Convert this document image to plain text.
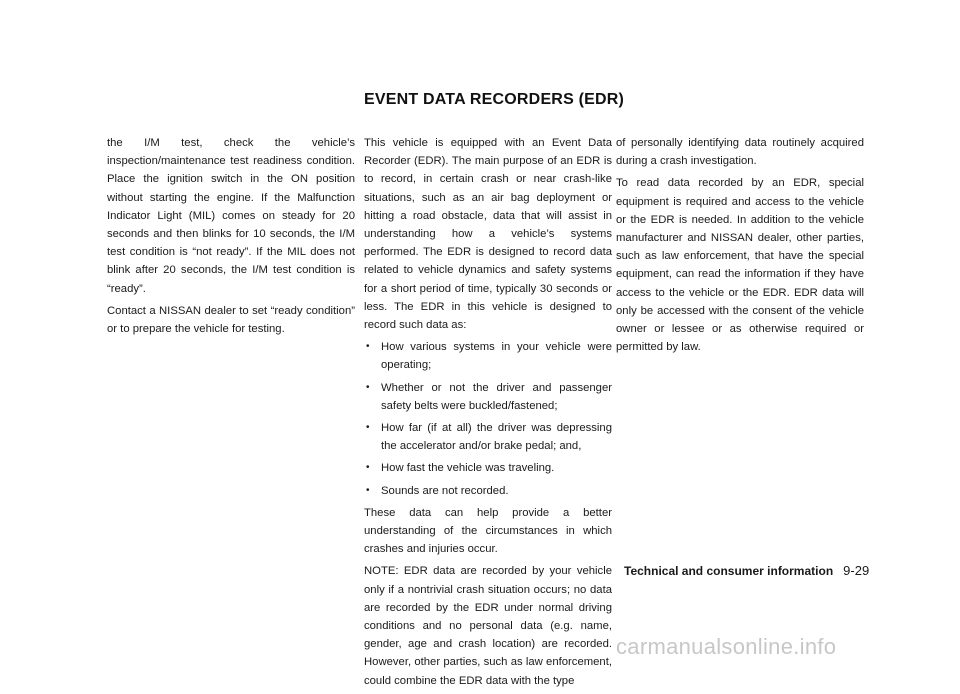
EVENT DATA RECORDERS (EDR)

the I/M test, check the vehicle’s inspection/maintenance test readiness condition. Place the ignition switch in the ON position without starting the engine. If the Malfunction Indicator Light (MIL) comes on steady for 20 seconds and then blinks for 10 seconds, the I/M test condition is “not ready”. If the MIL does not blink after 20 seconds, the I/M test condition is “ready”.

Contact a NISSAN dealer to set “ready condition” or to prepare the vehicle for testing.

This vehicle is equipped with an Event Data Recorder (EDR). The main purpose of an EDR is to record, in certain crash or near crash-like situations, such as an air bag deployment or hitting a road obstacle, data that will assist in understanding how a vehicle’s systems performed. The EDR is designed to record data related to vehicle dynamics and safety systems for a short period of time, typically 30 seconds or less. The EDR in this vehicle is designed to record such data as:

• How various systems in your vehicle were operating;
• Whether or not the driver and passenger safety belts were buckled/fastened;
• How far (if at all) the driver was depressing the accelerator and/or brake pedal; and,
• How fast the vehicle was traveling.
• Sounds are not recorded.

These data can help provide a better understanding of the circumstances in which crashes and injuries occur.

NOTE: EDR data are recorded by your vehicle only if a nontrivial crash situation occurs; no data are recorded by the EDR under normal driving conditions and no personal data (e.g. name, gender, age and crash location) are recorded. However, other parties, such as law enforcement, could combine the EDR data with the type

of personally identifying data routinely acquired during a crash investigation.

To read data recorded by an EDR, special equipment is required and access to the vehicle or the EDR is needed. In addition to the vehicle manufacturer and NISSAN dealer, other parties, such as law enforcement, that have the special equipment, can read the information if they have access to the vehicle or the EDR. EDR data will only be accessed with the consent of the vehicle owner or lessee or as otherwise required or permitted by law.

Technical and consumer information 9-29
carmanualsonline.info
